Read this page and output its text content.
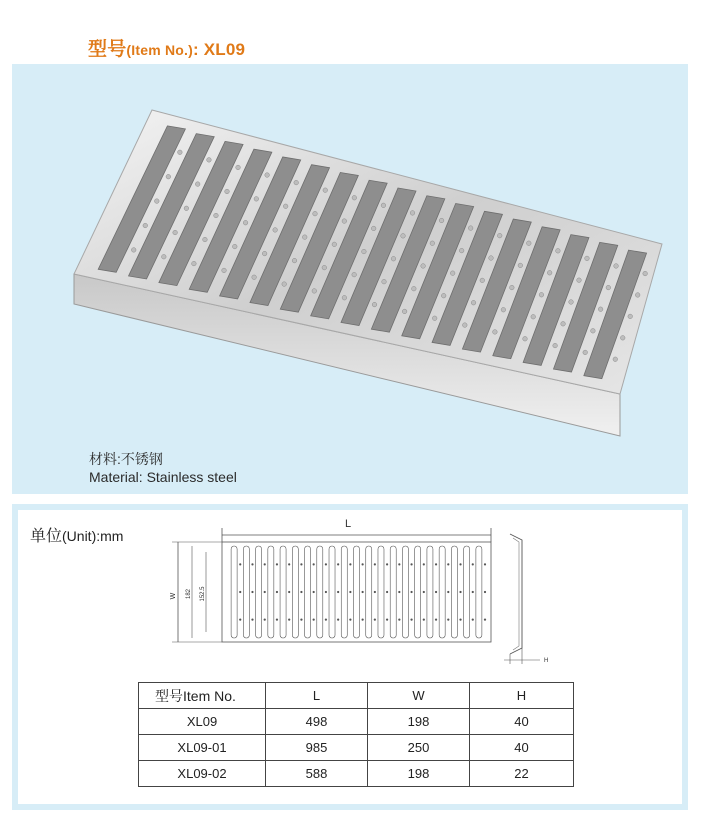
型号(Item No.): XL09
材料:不锈钢
Material: Stainless steel
单位(Unit):mm
L
W 182 152.5
H
型号Item No.	L	W	H
XL09	498	198	40
XL09-01	985	250	40
XL09-02	588	198	22
